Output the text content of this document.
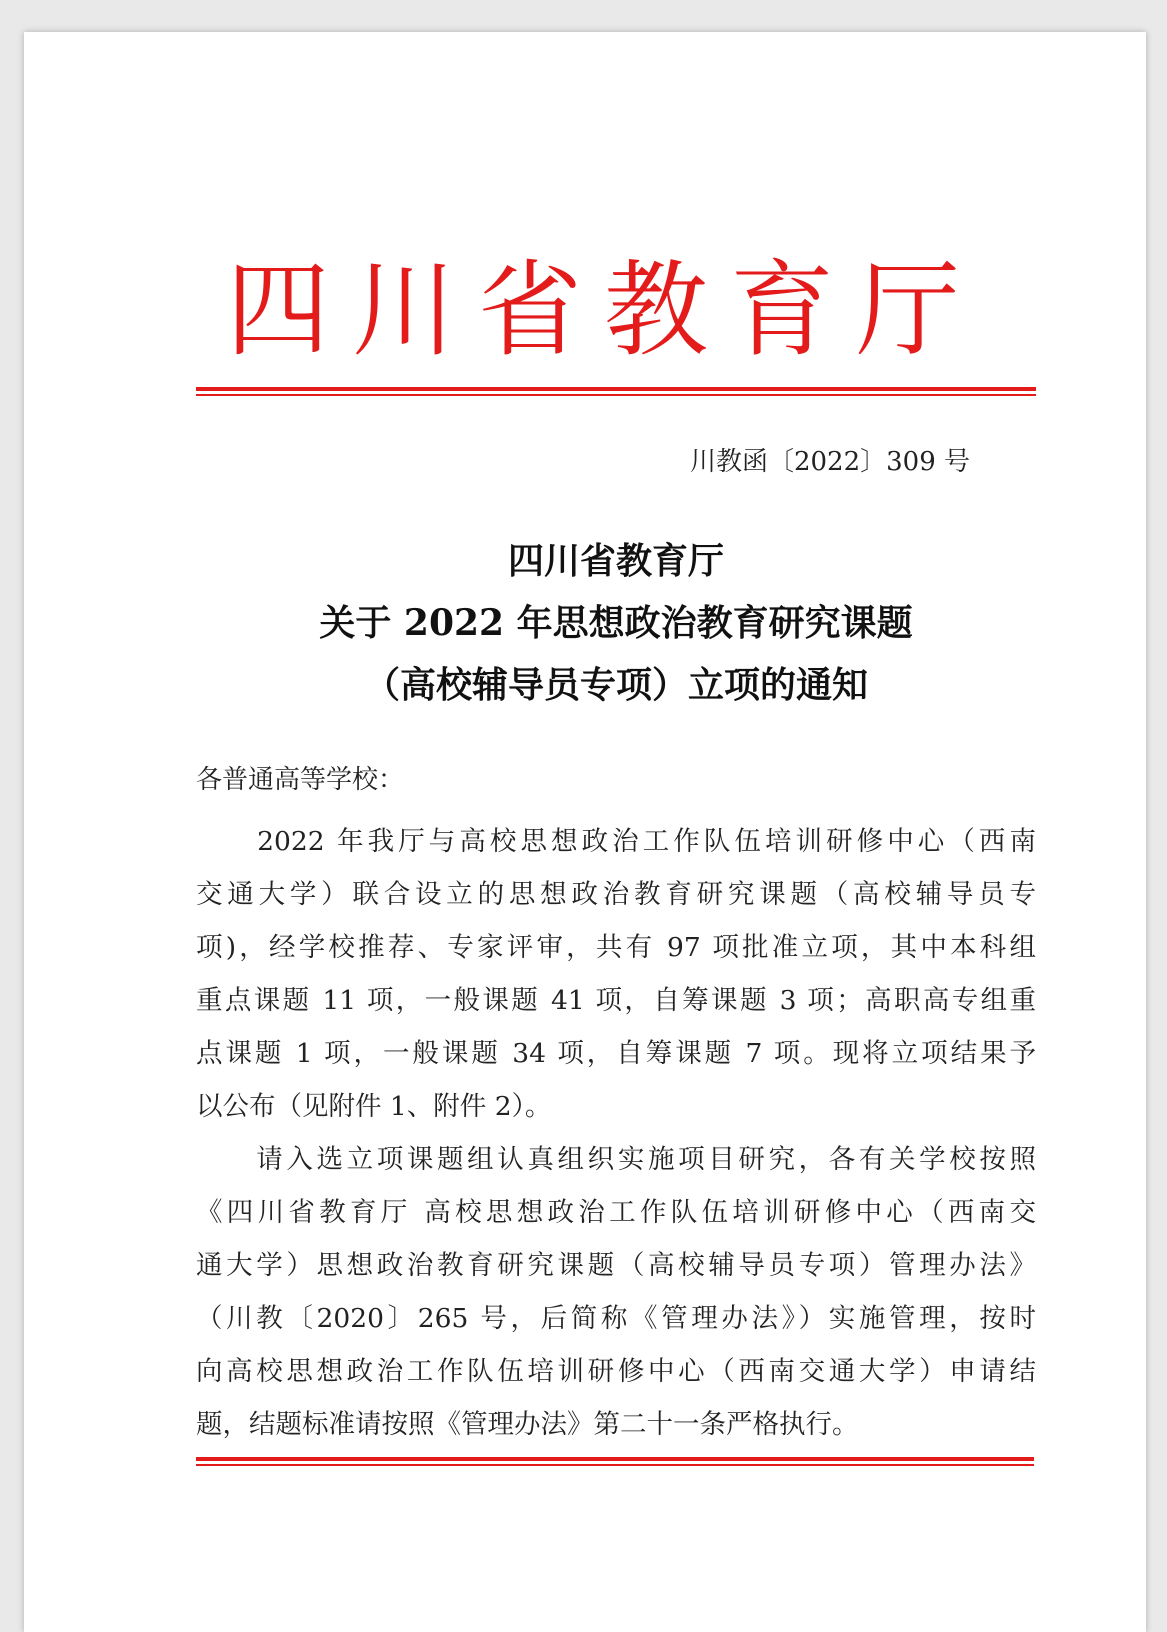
四川省教育厅
川教函〔2022〕309 号
四川省教育厅
关于 2022 年思想政治教育研究课题
（高校辅导员专项）立项的通知
各普通高等学校：
　　2022 年我厅与高校思想政治工作队伍培训研修中心（西南
交通大学）联合设立的思想政治教育研究课题（高校辅导员专
项)，经学校推荐、专家评审，共有 97 项批准立项，其中本科组
重点课题 11 项，一般课题 41 项，自筹课题 3 项；高职高专组重
点课题 1 项，一般课题 34 项，自筹课题 7 项。现将立项结果予
以公布（见附件 1、附件 2）。
　　请入选立项课题组认真组织实施项目研究，各有关学校按照
《四川省教育厅 高校思想政治工作队伍培训研修中心（西南交
通大学）思想政治教育研究课题（高校辅导员专项）管理办法》
（川教〔2020〕265 号，后简称《管理办法》）实施管理，按时
向高校思想政治工作队伍培训研修中心（西南交通大学）申请结
题，结题标准请按照《管理办法》第二十一条严格执行。
